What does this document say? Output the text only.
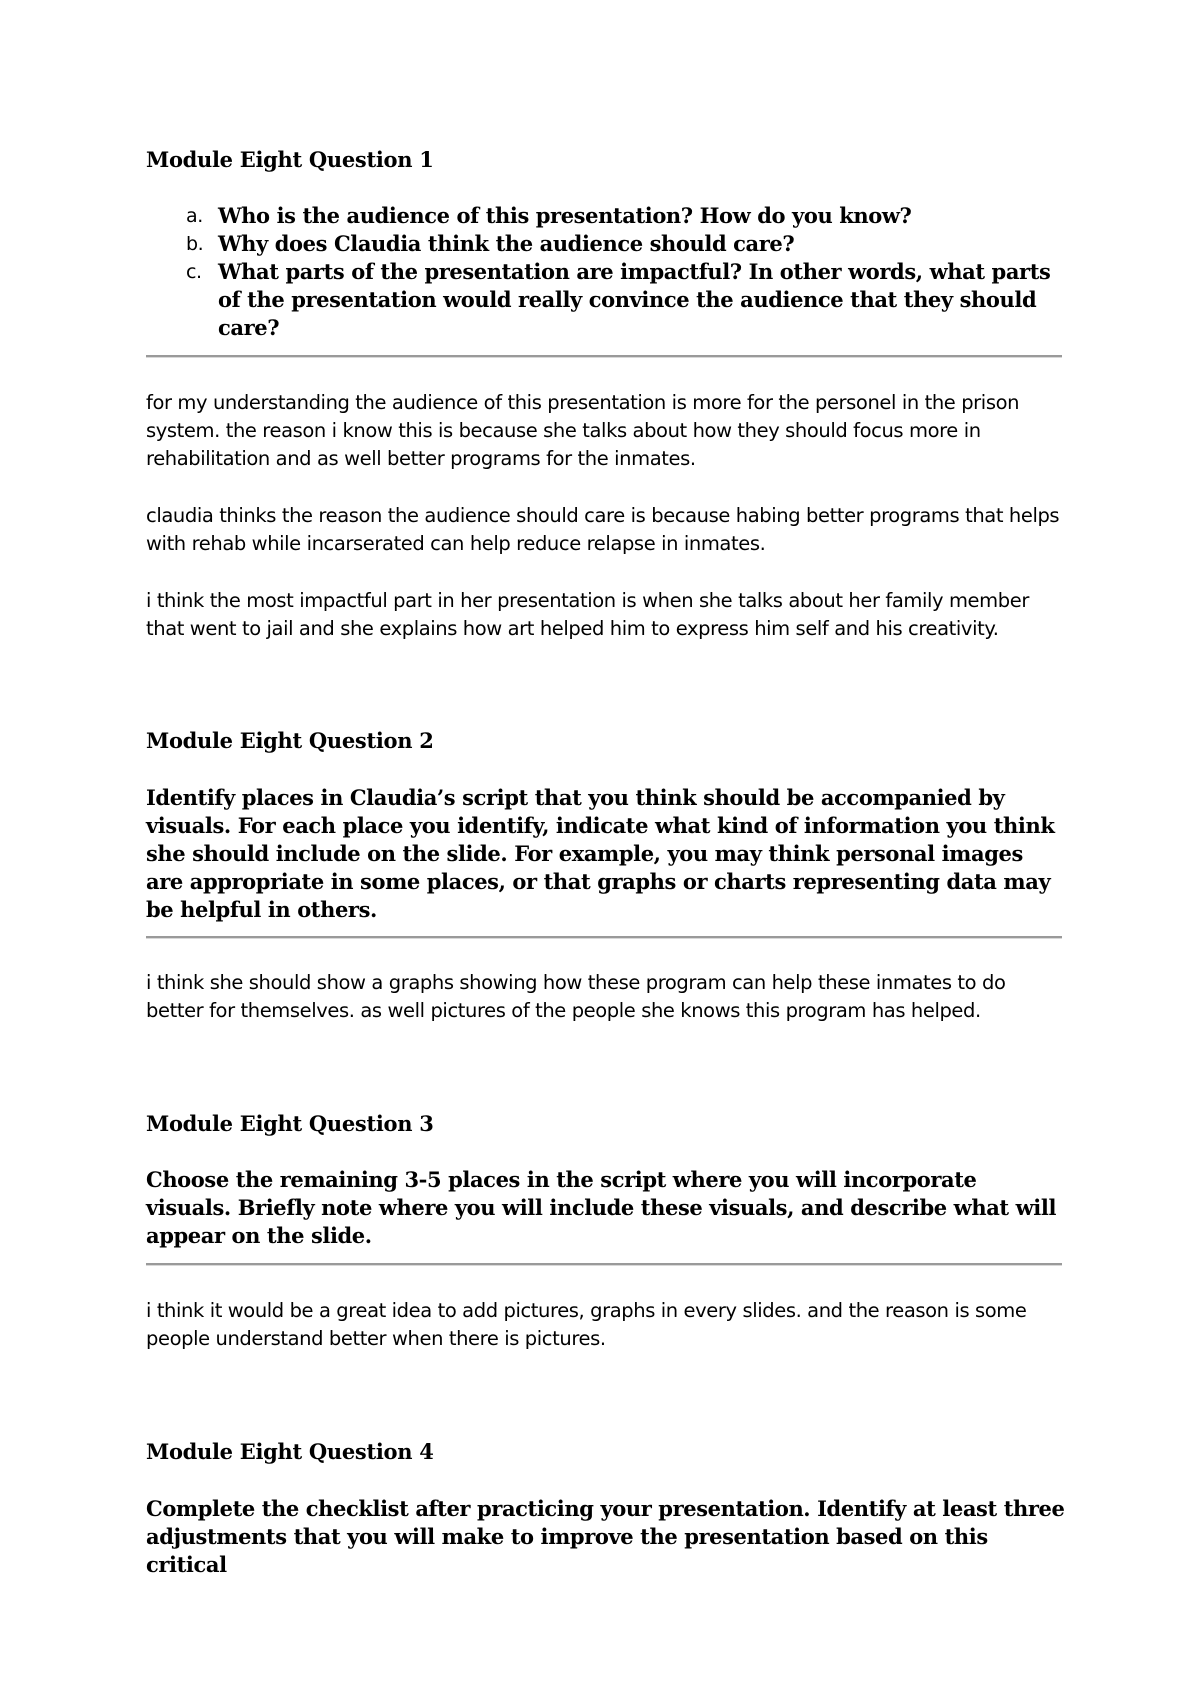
Module Eight Question 1

a. Who is the audience of this presentation? How do you know?
b. Why does Claudia think the audience should care?
c. What parts of the presentation are impactful? In other words, what parts of the presentation would really convince the audience that they should care?

for my understanding the audience of this presentation is more for the personel in the prison system. the reason i know this is because she talks about how they should focus more in rehabilitation and as well better programs for the inmates.

claudia thinks the reason the audience should care is because habing better programs that helps with rehab while incarserated can help reduce relapse in inmates.

i think the most impactful part in her presentation is when she talks about her family member that went to jail and she explains how art helped him to express him self and his creativity.

Module Eight Question 2

Identify places in Claudia’s script that you think should be accompanied by visuals. For each place you identify, indicate what kind of information you think she should include on the slide. For example, you may think personal images are appropriate in some places, or that graphs or charts representing data may be helpful in others.

i think she should show a graphs showing how these program can help these inmates to do better for themselves. as well pictures of the people she knows this program has helped.

Module Eight Question 3

Choose the remaining 3-5 places in the script where you will incorporate visuals. Briefly note where you will include these visuals, and describe what will appear on the slide.

i think it would be a great idea to add pictures, graphs in every slides. and the reason is some people understand better when there is pictures.

Module Eight Question 4

Complete the checklist after practicing your presentation. Identify at least three adjustments that you will make to improve the presentation based on this critical
